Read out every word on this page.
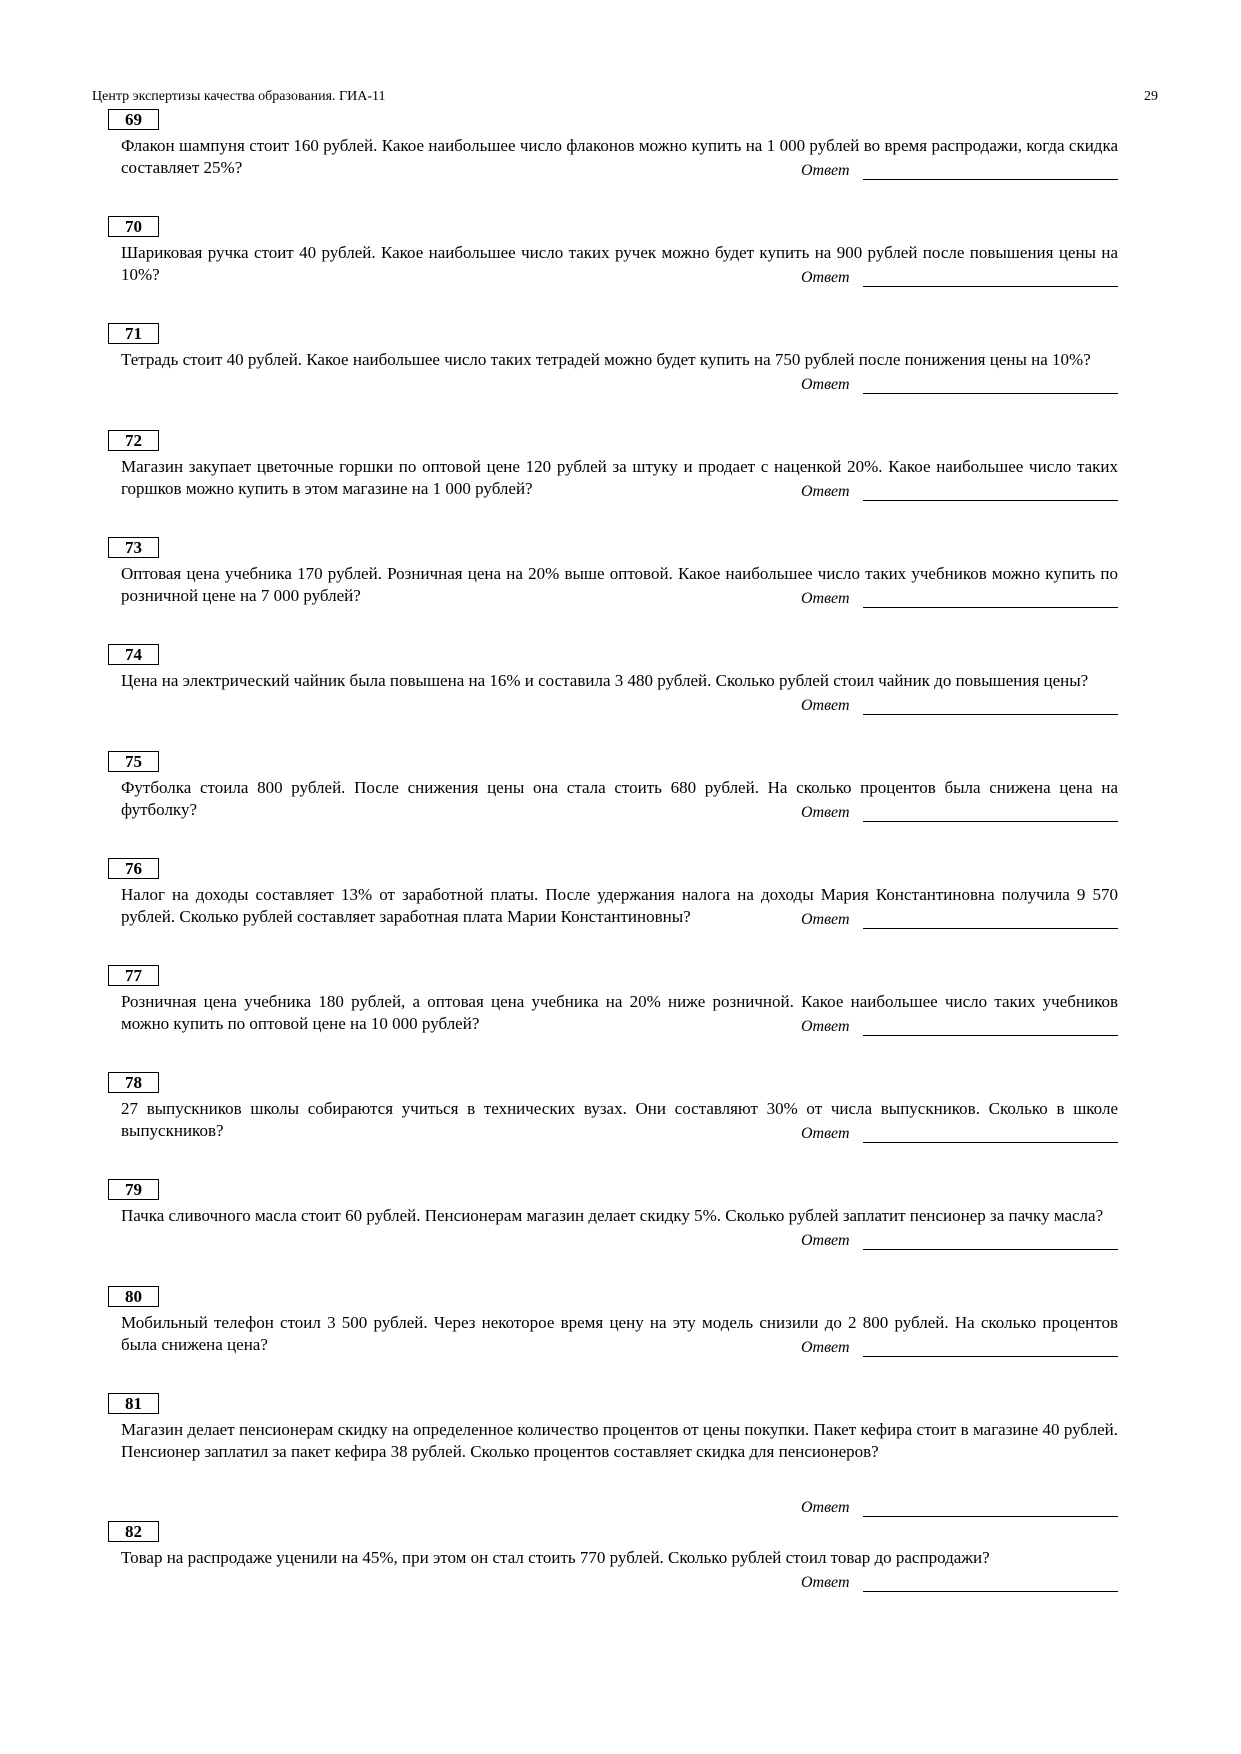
Центр экспертизы качества образования. ГИА-11	29
69
Флакон шампуня стоит 160 рублей. Какое наибольшее число флаконов можно купить на 1 000 рублей во время распродажи, когда скидка составляет 25%?	Ответ
70
Шариковая ручка стоит 40 рублей. Какое наибольшее число таких ручек можно будет купить на 900 рублей после повышения цены на 10%?	Ответ
71
Тетрадь стоит 40 рублей. Какое наибольшее число таких тетрадей можно будет купить на 750 рублей после понижения цены на 10%?
Ответ
72
Магазин закупает цветочные горшки по оптовой цене 120 рублей за штуку и продает с наценкой 20%. Какое наибольшее число таких горшков можно купить в этом магазине на 1 000 рублей?	Ответ
73
Оптовая цена учебника 170 рублей. Розничная цена на 20% выше оптовой. Какое наибольшее число таких учебников можно купить по розничной цене на 7 000 рублей?	Ответ
74
Цена на электрический чайник была повышена на 16% и составила 3 480 рублей. Сколько рублей стоил чайник до повышения цены?
Ответ
75
Футболка стоила 800 рублей. После снижения цены она стала стоить 680 рублей. На сколько процентов была снижена цена на футболку?	Ответ
76
Налог на доходы составляет 13% от заработной платы. После удержания налога на доходы Мария Константиновна получила 9 570 рублей. Сколько рублей составляет заработная плата Марии Константиновны?	Ответ
77
Розничная цена учебника 180 рублей, а оптовая цена учебника на 20% ниже розничной. Какое наибольшее число таких учебников можно купить по оптовой цене на 10 000 рублей?	Ответ
78
27 выпускников школы собираются учиться в технических вузах. Они составляют 30% от числа выпускников. Сколько в школе выпускников?	Ответ
79
Пачка сливочного масла стоит 60 рублей. Пенсионерам магазин делает скидку 5%. Сколько рублей заплатит пенсионер за пачку масла?
Ответ
80
Мобильный телефон стоил 3 500 рублей. Через некоторое время цену на эту модель снизили до 2 800 рублей. На сколько процентов была снижена цена?	Ответ
81
Магазин делает пенсионерам скидку на определенное количество процентов от цены покупки. Пакет кефира стоит в магазине 40 рублей. Пенсионер заплатил за пакет кефира 38 рублей. Сколько процентов составляет скидка для пенсионеров?
Ответ
82
Товар на распродаже уценили на 45%, при этом он стал стоить 770 рублей. Сколько рублей стоил товар до распродажи?
Ответ
